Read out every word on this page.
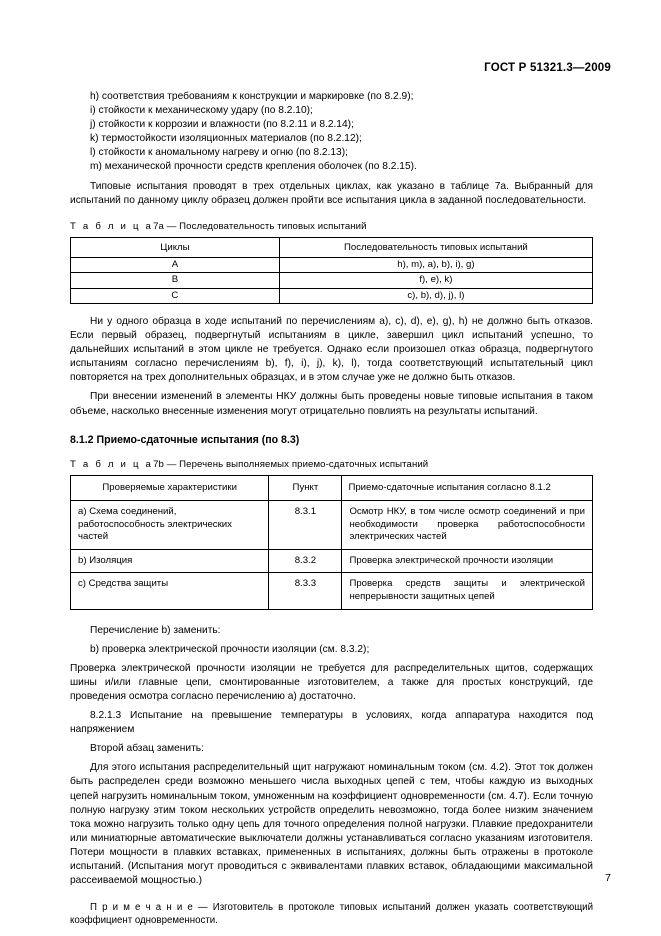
ГОСТ Р 51321.3—2009
h) соответствия требованиям к конструкции и маркировке (по 8.2.9);
i) стойкости к механическому удару (по 8.2.10);
j) стойкости к коррозии и влажности (по 8.2.11 и 8.2.14);
k) термостойкости изоляционных материалов (по 8.2.12);
l) стойкости к аномальному нагреву и огню (по 8.2.13);
m) механической прочности средств крепления оболочек (по 8.2.15).
Типовые испытания проводят в трех отдельных циклах, как указано в таблице 7а. Выбранный для испытаний по данному циклу образец должен пройти все испытания цикла в заданной последовательности.
Т а б л и ц а7а — Последовательность типовых испытаний
Циклы	Последовательность типовых испытаний
A	h), m), a), b), i), g)
B	f), e), k)
C	c), b), d), j), l)
Ни у одного образца в ходе испытаний по перечислениям а), с), d), e), g), h) не должно быть отказов. Если первый образец, подвергнутый испытаниям в цикле, завершил цикл испытаний успешно, то дальнейших испытаний в этом цикле не требуется. Однако если произошел отказ образца, подвергнутого испытаниям согласно перечислениям b), f), i), j), k), l), тогда соответствующий испытательный цикл повторяется на трех дополнительных образцах, и в этом случае уже не должно быть отказов.
При внесении изменений в элементы НКУ должны быть проведены новые типовые испытания в таком объеме, насколько внесенные изменения могут отрицательно повлиять на результаты испытаний.
8.1.2 Приемо-сдаточные испытания (по 8.3)
Т а б л и ц а7b — Перечень выполняемых приемо-сдаточных испытаний
Проверяемые характеристики	Пункт	Приемо-сдаточные испытания согласно 8.1.2
а) Схема соединений, работоспособность электрических частей	8.3.1	Осмотр НКУ, в том числе осмотр соединений и при необходимости проверка работоспособности электрических частей
b) Изоляция	8.3.2	Проверка электрической прочности изоляции
c) Средства защиты	8.3.3	Проверка средств защиты и электрической непрерывности защитных цепей
Перечисление b) заменить:
b) проверка электрической прочности изоляции (см. 8.3.2);
Проверка электрической прочности изоляции не требуется для распределительных щитов, содержащих шины и/или главные цепи, смонтированные изготовителем, а также для простых конструкций, где проведения осмотра согласно перечислению а) достаточно.
8.2.1.3 Испытание на превышение температуры в условиях, когда аппаратура находится под напряжением
Второй абзац заменить:
Для этого испытания распределительный щит нагружают номинальным током (см. 4.2). Этот ток должен быть распределен среди возможно меньшего числа выходных цепей с тем, чтобы каждую из выходных цепей нагрузить номинальным током, умноженным на коэффициент одновременности (см. 4.7). Если точную полную нагрузку этим током нескольких устройств определить невозможно, тогда более низким значением тока можно нагрузить только одну цепь для точного определения полной нагрузки. Плавкие предохранители или миниатюрные автоматические выключатели должны устанавливаться согласно указаниям изготовителя. Потери мощности в плавких вставках, примененных в испытаниях, должны быть отражены в протоколе испытаний. (Испытания могут проводиться с эквивалентами плавких вставок, обладающими максимальной рассеиваемой мощностью.)
П р и м е ч а н и е — Изготовитель в протоколе типовых испытаний должен указать соответствующий коэффициент одновременности.
7
